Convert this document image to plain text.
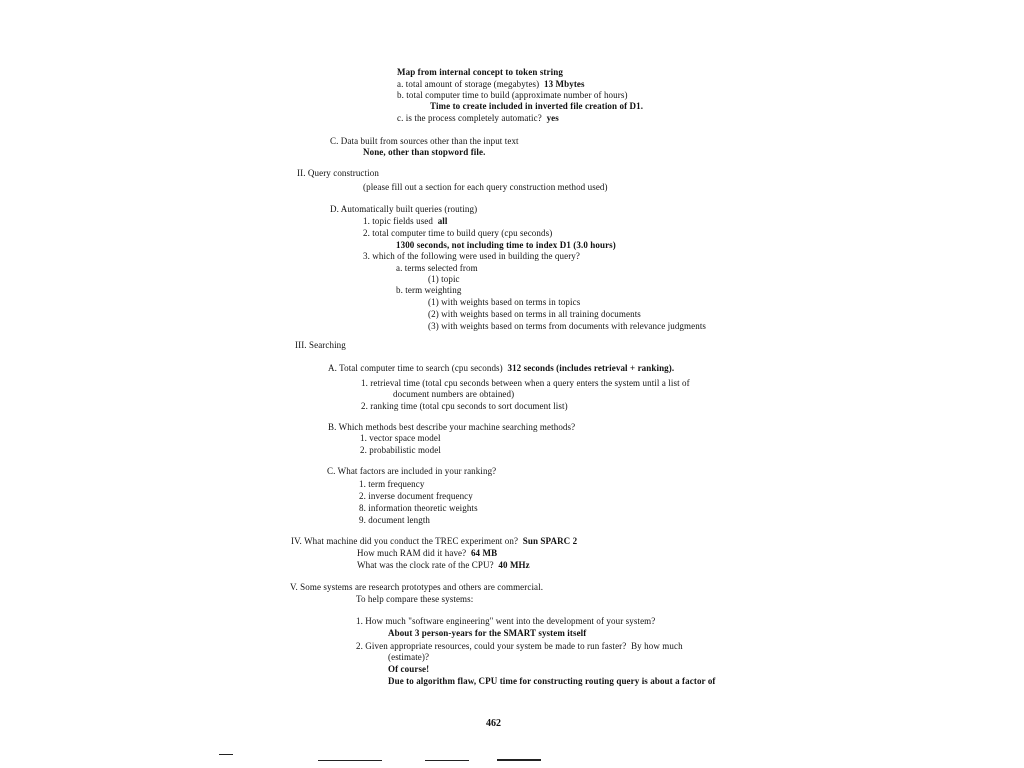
Map from internal concept to token string
a. total amount of storage (megabytes) 13 Mbytes
b. total computer time to build (approximate number of hours)
Time to create included in inverted file creation of D1.
c. is the process completely automatic? yes
C. Data built from sources other than the input text
None, other than stopword file.
II. Query construction
(please fill out a section for each query construction method used)
D. Automatically built queries (routing)
1. topic fields used all
2. total computer time to build query (cpu seconds)
1300 seconds, not including time to index D1 (3.0 hours)
3. which of the following were used in building the query?
a. terms selected from
(1) topic
b. term weighting
(1) with weights based on terms in topics
(2) with weights based on terms in all training documents
(3) with weights based on terms from documents with relevance judgments
III. Searching
A. Total computer time to search (cpu seconds) 312 seconds (includes retrieval + ranking).
1. retrieval time (total cpu seconds between when a query enters the system until a list of
document numbers are obtained)
2. ranking time (total cpu seconds to sort document list)
B. Which methods best describe your machine searching methods?
1. vector space model
2. probabilistic model
C. What factors are included in your ranking?
1. term frequency
2. inverse document frequency
8. information theoretic weights
9. document length
IV. What machine did you conduct the TREC experiment on? Sun SPARC 2
How much RAM did it have? 64 MB
What was the clock rate of the CPU? 40 MHz
V. Some systems are research prototypes and others are commercial.
To help compare these systems:
1. How much "software engineering" went into the development of your system?
About 3 person-years for the SMART system itself
2. Given appropriate resources, could your system be made to run faster? By how much
(estimate)?
Of course!
Due to algorithm flaw, CPU time for constructing routing query is about a factor of
462
